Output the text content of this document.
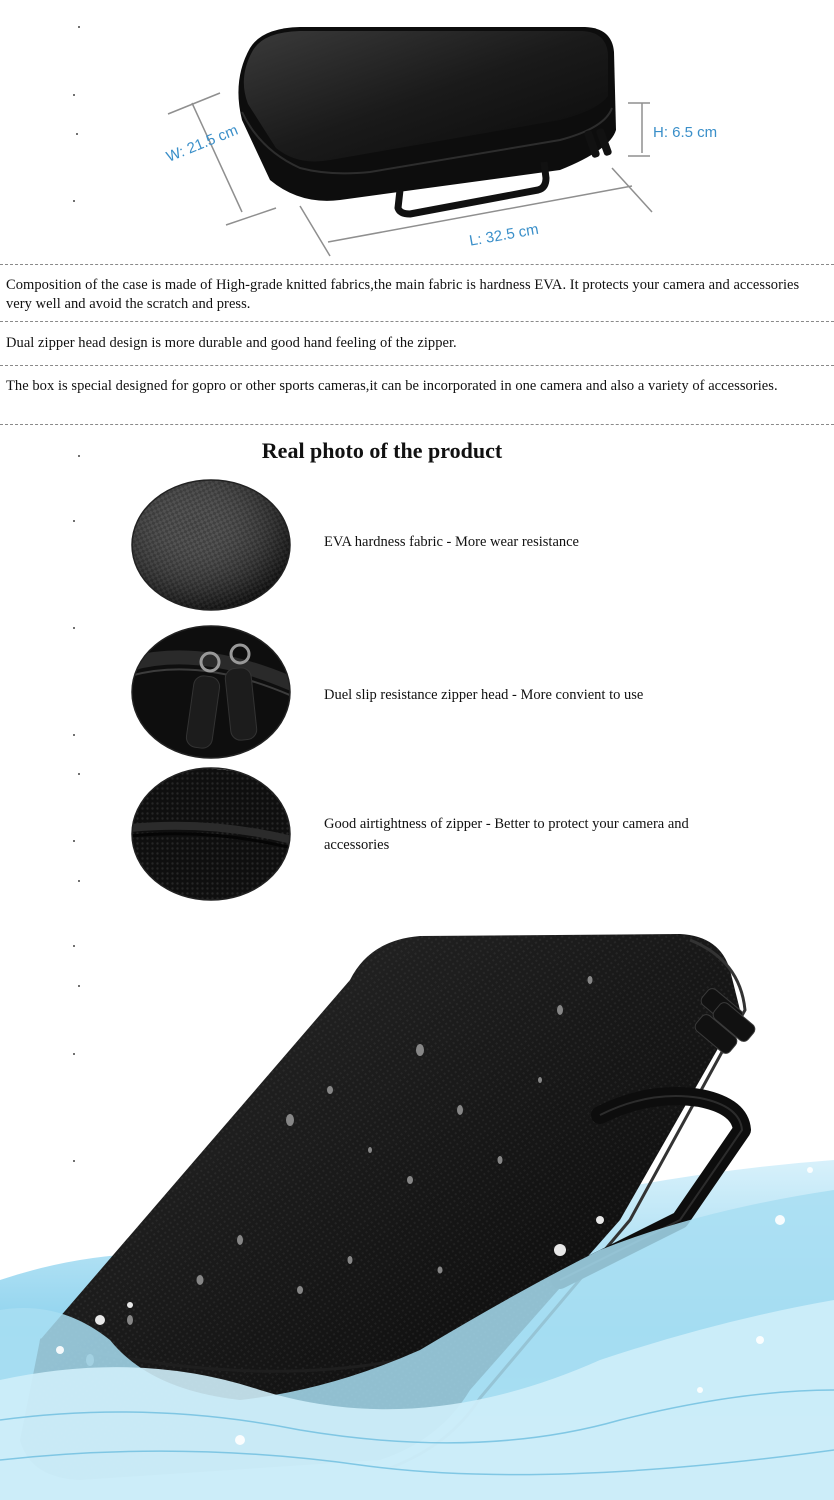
W: 21.5 cm	H: 6.5 cm
L: 32.5 cm
Composition of the case is made of High-grade knitted fabrics,the main fabric is hardness EVA. It protects your camera and accessories very well and avoid the scratch and press.
Dual zipper head design is more durable and good hand feeling of the zipper.
The box is special designed for gopro or other sports cameras,it can be incorporated in one camera and also a variety of accessories.
Real photo of the product
EVA hardness fabric - More wear resistance
Duel slip resistance zipper head - More convient to use
Good airtightness of zipper - Better to protect your camera and accessories
